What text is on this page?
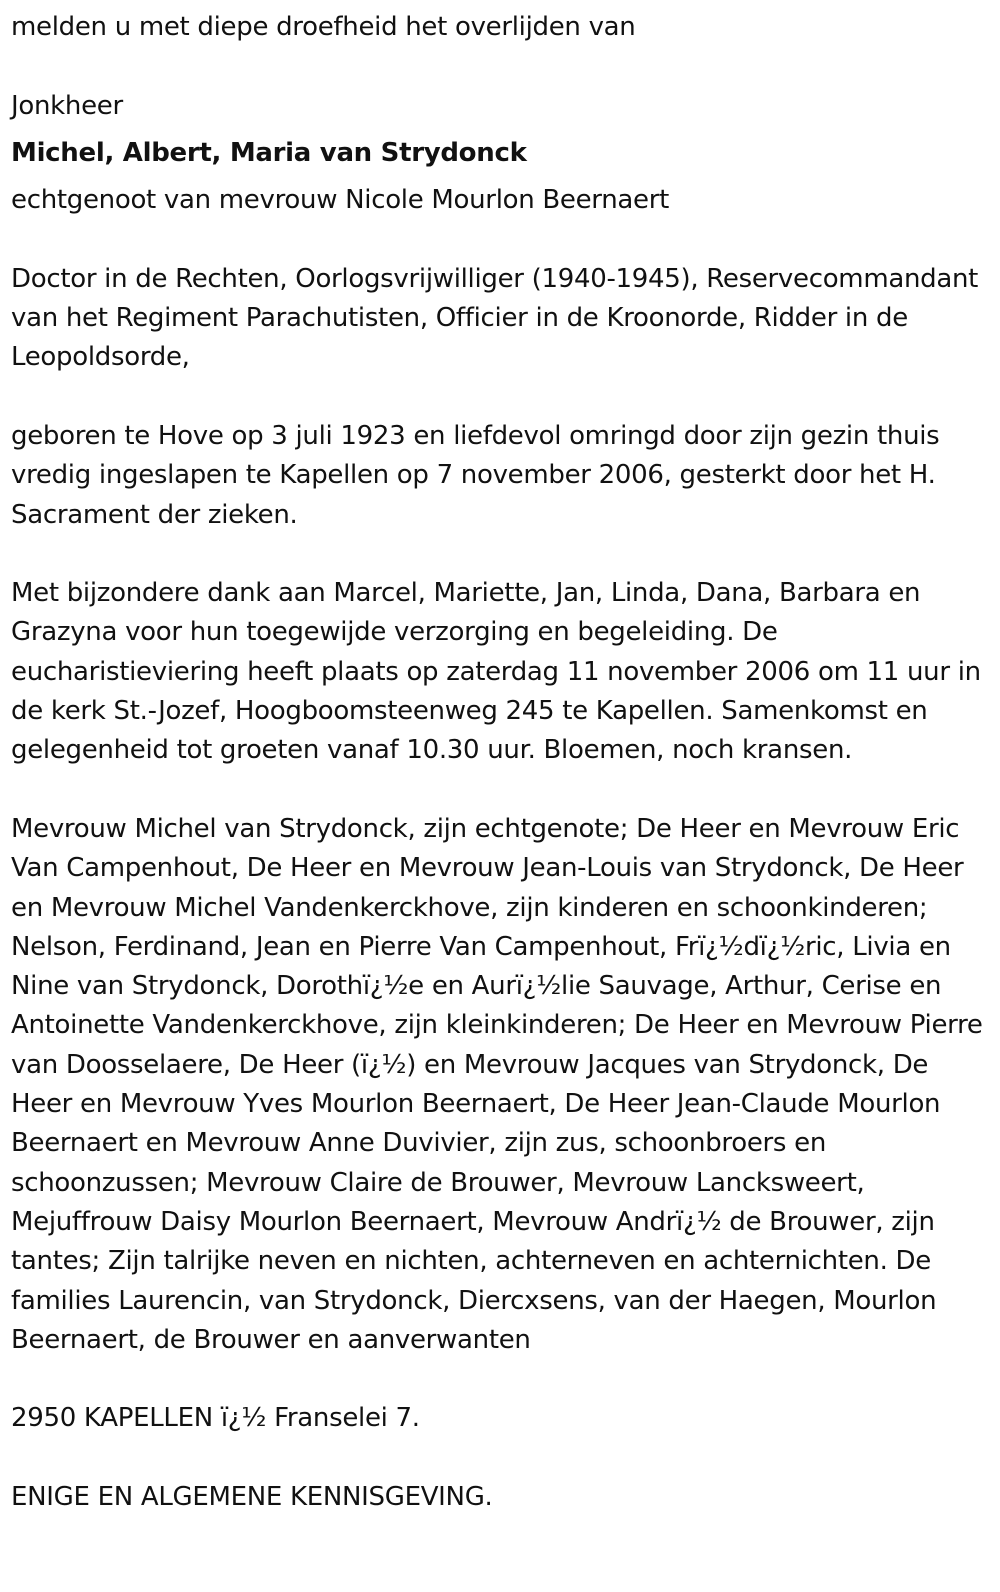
melden u met diepe droefheid het overlijden van

Jonkheer

Michel, Albert, Maria van Strydonck

echtgenoot van mevrouw Nicole Mourlon Beernaert

Doctor in de Rechten, Oorlogsvrijwilliger (1940-1945), Reservecommandant van het Regiment Parachutisten, Officier in de Kroonorde, Ridder in de Leopoldsorde,

geboren te Hove op 3 juli 1923 en liefdevol omringd door zijn gezin thuis vredig ingeslapen te Kapellen op 7 november 2006, gesterkt door het H. Sacrament der zieken.

Met bijzondere dank aan Marcel, Mariette, Jan, Linda, Dana, Barbara en Grazyna voor hun toegewijde verzorging en begeleiding. De eucharistieviering heeft plaats op zaterdag 11 november 2006 om 11 uur in de kerk St.-Jozef, Hoogboomsteenweg 245 te Kapellen. Samenkomst en gelegenheid tot groeten vanaf 10.30 uur. Bloemen, noch kransen.

Mevrouw Michel van Strydonck, zijn echtgenote; De Heer en Mevrouw Eric Van Campenhout, De Heer en Mevrouw Jean-Louis van Strydonck, De Heer en Mevrouw Michel Vandenkerckhove, zijn kinderen en schoonkinderen; Nelson, Ferdinand, Jean en Pierre Van Campenhout, Frï¿½dï¿½ric, Livia en Nine van Strydonck, Dorothï¿½e en Aurï¿½lie Sauvage, Arthur, Cerise en Antoinette Vandenkerckhove, zijn kleinkinderen; De Heer en Mevrouw Pierre van Doosselaere, De Heer (ï¿½) en Mevrouw Jacques van Strydonck, De Heer en Mevrouw Yves Mourlon Beernaert, De Heer Jean-Claude Mourlon Beernaert en Mevrouw Anne Duvivier, zijn zus, schoonbroers en schoonzussen; Mevrouw Claire de Brouwer, Mevrouw Lancksweert, Mejuffrouw Daisy Mourlon Beernaert, Mevrouw Andrï¿½ de Brouwer, zijn tantes; Zijn talrijke neven en nichten, achterneven en achternichten. De families Laurencin, van Strydonck, Diercxsens, van der Haegen, Mourlon Beernaert, de Brouwer en aanverwanten

2950 KAPELLEN ï¿½ Franselei 7.

ENIGE EN ALGEMENE KENNISGEVING.
